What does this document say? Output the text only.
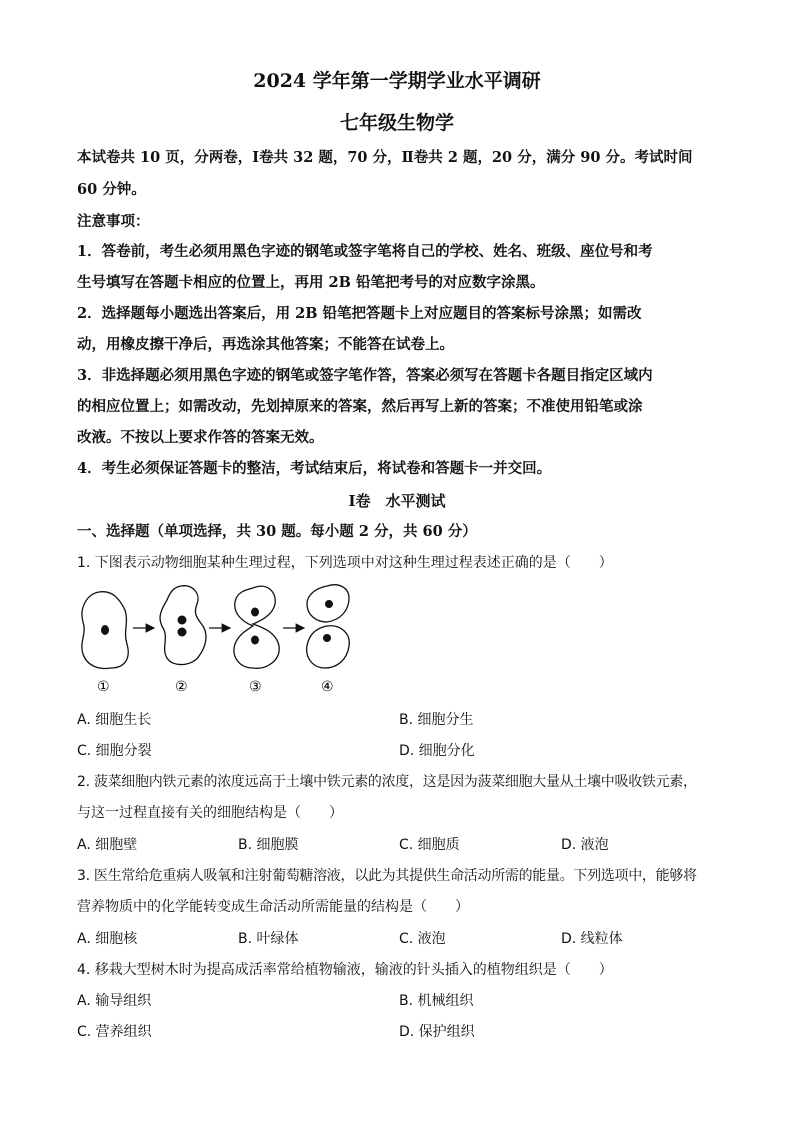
2024 学年第一学期学业水平调研
七年级生物学
本试卷共 10 页，分两卷，Ⅰ卷共 32 题，70 分，Ⅱ卷共 2 题，20 分，满分 90 分。考试时间
60 分钟。
注意事项：
1．答卷前，考生必须用黑色字迹的钢笔或签字笔将自己的学校、姓名、班级、座位号和考
生号填写在答题卡相应的位置上，再用 2B 铅笔把考号的对应数字涂黑。
2．选择题每小题选出答案后，用 2B 铅笔把答题卡上对应题目的答案标号涂黑；如需改
动，用橡皮擦干净后，再选涂其他答案；不能答在试卷上。
3．非选择题必须用黑色字迹的钢笔或签字笔作答，答案必须写在答题卡各题目指定区域内
的相应位置上；如需改动，先划掉原来的答案，然后再写上新的答案；不准使用铅笔或涂
改液。不按以上要求作答的答案无效。
4．考生必须保证答题卡的整洁，考试结束后，将试卷和答题卡一并交回。
Ⅰ卷　水平测试
一、选择题（单项选择，共 30 题。每小题 2 分，共 60 分）
1. 下图表示动物细胞某种生理过程，下列选项中对这种生理过程表述正确的是（　　）
①	②	③	④
A. 细胞生长	B. 细胞分生
C. 细胞分裂	D. 细胞分化
2. 菠菜细胞内铁元素的浓度远高于土壤中铁元素的浓度，这是因为菠菜细胞大量从土壤中吸收铁元素，
与这一过程直接有关的细胞结构是（　　）
A. 细胞壁	B. 细胞膜	C. 细胞质	D. 液泡
3. 医生常给危重病人吸氧和注射葡萄糖溶液，以此为其提供生命活动所需的能量。下列选项中，能够将
营养物质中的化学能转变成生命活动所需能量的结构是（　　）
A. 细胞核	B. 叶绿体	C. 液泡	D. 线粒体
4. 移栽大型树木时为提高成活率常给植物输液，输液的针头插入的植物组织是（　　）
A. 输导组织	B. 机械组织
C. 营养组织	D. 保护组织
